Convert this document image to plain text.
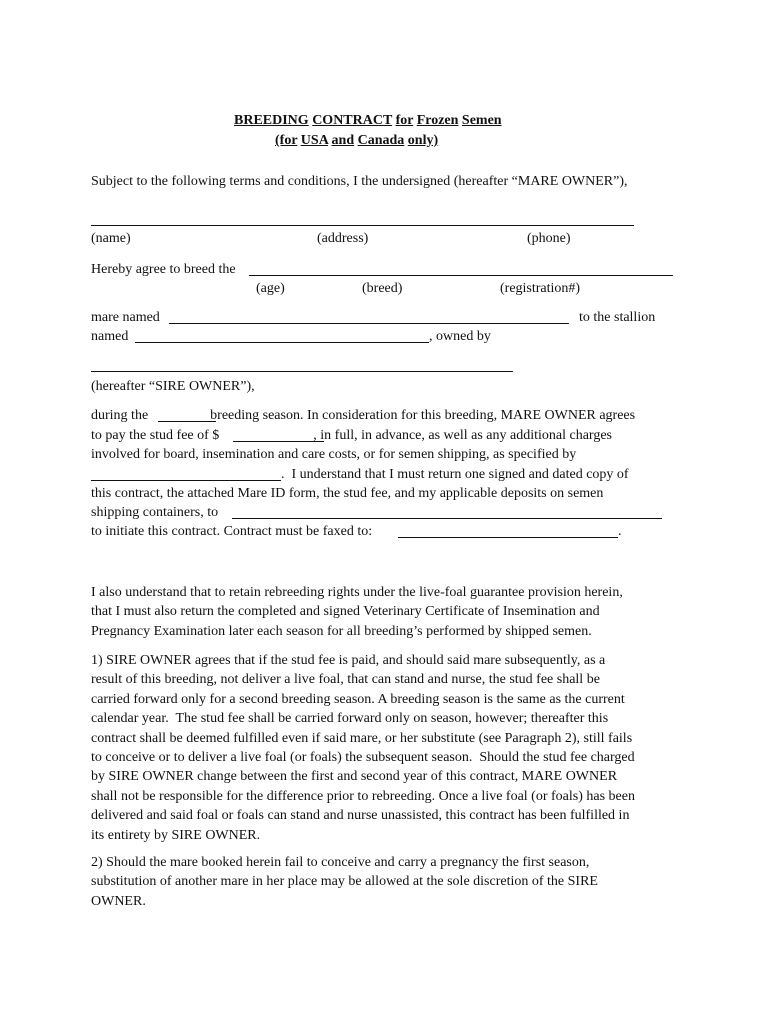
BREEDING CONTRACT for Frozen Semen

(for USA and Canada only)

Subject to the following terms and conditions, I the undersigned (hereafter “MARE OWNER”),
(name)	(address)	(phone)
Hereby agree to breed the
(age)	(breed)	(registration#)
mare named	to the stallion
named	, owned by
(hereafter “SIRE OWNER”),
during the	breeding season. In consideration for this breeding, MARE OWNER agrees
to pay the stud fee of $	, in full, in advance, as well as any additional charges
involved for board, insemination and care costs, or for semen shipping, as specified by
.  I understand that I must return one signed and dated copy of
this contract, the attached Mare ID form, the stud fee, and my applicable deposits on semen
shipping containers, to
to initiate this contract. Contract must be faxed to:	.
I also understand that to retain rebreeding rights under the live-foal guarantee provision herein,
that I must also return the completed and signed Veterinary Certificate of Insemination and
Pregnancy Examination later each season for all breeding’s performed by shipped semen.
1) SIRE OWNER agrees that if the stud fee is paid, and should said mare subsequently, as a
result of this breeding, not deliver a live foal, that can stand and nurse, the stud fee shall be
carried forward only for a second breeding season. A breeding season is the same as the current
calendar year.  The stud fee shall be carried forward only on season, however; thereafter this
contract shall be deemed fulfilled even if said mare, or her substitute (see Paragraph 2), still fails
to conceive or to deliver a live foal (or foals) the subsequent season.  Should the stud fee charged
by SIRE OWNER change between the first and second year of this contract, MARE OWNER
shall not be responsible for the difference prior to rebreeding. Once a live foal (or foals) has been
delivered and said foal or foals can stand and nurse unassisted, this contract has been fulfilled in
its entirety by SIRE OWNER.
2) Should the mare booked herein fail to conceive and carry a pregnancy the first season,
substitution of another mare in her place may be allowed at the sole discretion of the SIRE
OWNER.
